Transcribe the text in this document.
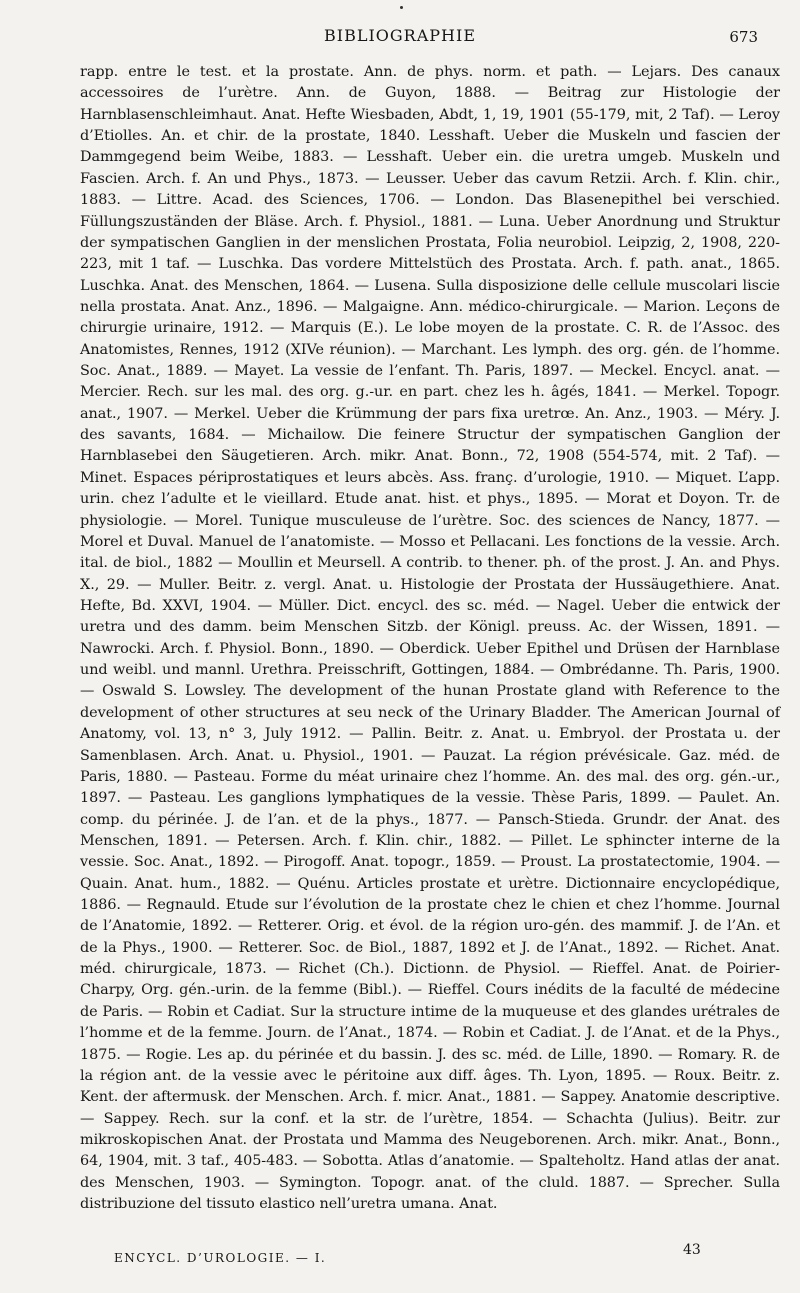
BIBLIOGRAPHIE	673

rapp. entre le test. et la prostate. Ann. de phys. norm. et path. — Lejars. Des canaux accessoires de l’urètre. Ann. de Guyon, 1888. — Beitrag zur Histologie der Harnblasenschleimhaut. Anat. Hefte Wiesbaden, Abdt, 1, 19, 1901 (55-179, mit, 2 Taf). — Leroy d’Etiolles. An. et chir. de la prostate, 1840. Lesshaft. Ueber die Muskeln und fascien der Dammgegend beim Weibe, 1883. — Lesshaft. Ueber ein. die uretra umgeb. Muskeln und Fascien. Arch. f. An und Phys., 1873. — Leusser. Ueber das cavum Retzii. Arch. f. Klin. chir., 1883. — Littre. Acad. des Sciences, 1706. — London. Das Blasenepithel bei verschied. Füllungszuständen der Bläse. Arch. f. Physiol., 1881. — Luna. Ueber Anordnung und Struktur der sympatischen Ganglien in der menslichen Prostata, Folia neurobiol. Leipzig, 2, 1908, 220-223, mit 1 taf. — Luschka. Das vordere Mittelstüch des Prostata. Arch. f. path. anat., 1865. Luschka. Anat. des Menschen, 1864. — Lusena. Sulla disposizione delle cellule muscolari liscie nella prostata. Anat. Anz., 1896. — Malgaigne. Ann. médico-chirurgicale. — Marion. Leçons de chirurgie urinaire, 1912. — Marquis (E.). Le lobe moyen de la prostate. C. R. de l’Assoc. des Anatomistes, Rennes, 1912 (XIVe réunion). — Marchant. Les lymph. des org. gén. de l’homme. Soc. Anat., 1889. — Mayet. La vessie de l’enfant. Th. Paris, 1897. — Meckel. Encycl. anat. — Mercier. Rech. sur les mal. des org. g.-ur. en part. chez les h. âgés, 1841. — Merkel. Topogr. anat., 1907. — Merkel. Ueber die Krümmung der pars fixa uretrœ. An. Anz., 1903. — Méry. J. des savants, 1684. — Michailow. Die feinere Structur der sympatischen Ganglion der Harnblasebei den Säugetieren. Arch. mikr. Anat. Bonn., 72, 1908 (554-574, mit. 2 Taf). — Minet. Espaces périprostatiques et leurs abcès. Ass. franç. d’urologie, 1910. — Miquet. L’app. urin. chez l’adulte et le vieillard. Etude anat. hist. et phys., 1895. — Morat et Doyon. Tr. de physiologie. — Morel. Tunique musculeuse de l’urètre. Soc. des sciences de Nancy, 1877. — Morel et Duval. Manuel de l’anatomiste. — Mosso et Pellacani. Les fonctions de la vessie. Arch. ital. de biol., 1882 — Moullin et Meursell. A contrib. to thener. ph. of the prost. J. An. and Phys. X., 29. — Muller. Beitr. z. vergl. Anat. u. Histologie der Prostata der Hussäugethiere. Anat. Hefte, Bd. XXVI, 1904. — Müller. Dict. encycl. des sc. méd. — Nagel. Ueber die entwick der uretra und des damm. beim Menschen Sitzb. der Königl. preuss. Ac. der Wissen, 1891. — Nawrocki. Arch. f. Physiol. Bonn., 1890. — Oberdick. Ueber Epithel und Drüsen der Harnblase und weibl. und mannl. Urethra. Preisschrift, Gottingen, 1884. — Ombrédanne. Th. Paris, 1900. — Oswald S. Lowsley. The development of the hunan Prostate gland with Reference to the development of other structures at seu neck of the Urinary Bladder. The American Journal of Anatomy, vol. 13, n° 3, July 1912. — Pallin. Beitr. z. Anat. u. Embryol. der Prostata u. der Samenblasen. Arch. Anat. u. Physiol., 1901. — Pauzat. La région prévésicale. Gaz. méd. de Paris, 1880. — Pasteau. Forme du méat urinaire chez l’homme. An. des mal. des org. gén.-ur., 1897. — Pasteau. Les ganglions lymphatiques de la vessie. Thèse Paris, 1899. — Paulet. An. comp. du périnée. J. de l’an. et de la phys., 1877. — Pansch-Stieda. Grundr. der Anat. des Menschen, 1891. — Petersen. Arch. f. Klin. chir., 1882. — Pillet. Le sphincter interne de la vessie. Soc. Anat., 1892. — Pirogoff. Anat. topogr., 1859. — Proust. La prostatectomie, 1904. — Quain. Anat. hum., 1882. — Quénu. Articles prostate et urètre. Dictionnaire encyclopédique, 1886. — Regnauld. Etude sur l’évolution de la prostate chez le chien et chez l’homme. Journal de l’Anatomie, 1892. — Retterer. Orig. et évol. de la région uro-gén. des mammif. J. de l’An. et de la Phys., 1900. — Retterer. Soc. de Biol., 1887, 1892 et J. de l’Anat., 1892. — Richet. Anat. méd. chirurgicale, 1873. — Richet (Ch.). Dictionn. de Physiol. — Rieffel. Anat. de Poirier-Charpy, Org. gén.-urin. de la femme (Bibl.). — Rieffel. Cours inédits de la faculté de médecine de Paris. — Robin et Cadiat. Sur la structure intime de la muqueuse et des glandes urétrales de l’homme et de la femme. Journ. de l’Anat., 1874. — Robin et Cadiat. J. de l’Anat. et de la Phys., 1875. — Rogie. Les ap. du périnée et du bassin. J. des sc. méd. de Lille, 1890. — Romary. R. de la région ant. de la vessie avec le péritoine aux diff. âges. Th. Lyon, 1895. — Roux. Beitr. z. Kent. der aftermusk. der Menschen. Arch. f. micr. Anat., 1881. — Sappey. Anatomie descriptive. — Sappey. Rech. sur la conf. et la str. de l’urètre, 1854. — Schachta (Julius). Beitr. zur mikroskopischen Anat. der Prostata und Mamma des Neugeborenen. Arch. mikr. Anat., Bonn., 64, 1904, mit. 3 taf., 405-483. — Sobotta. Atlas d’anatomie. — Spalteholtz. Hand atlas der anat. des Menschen, 1903. — Symington. Topogr. anat. of the cluld. 1887. — Sprecher. Sulla distribuzione del tissuto elastico nell’uretra umana. Anat.

ENCYCL. D’UROLOGIE. — I.	43
